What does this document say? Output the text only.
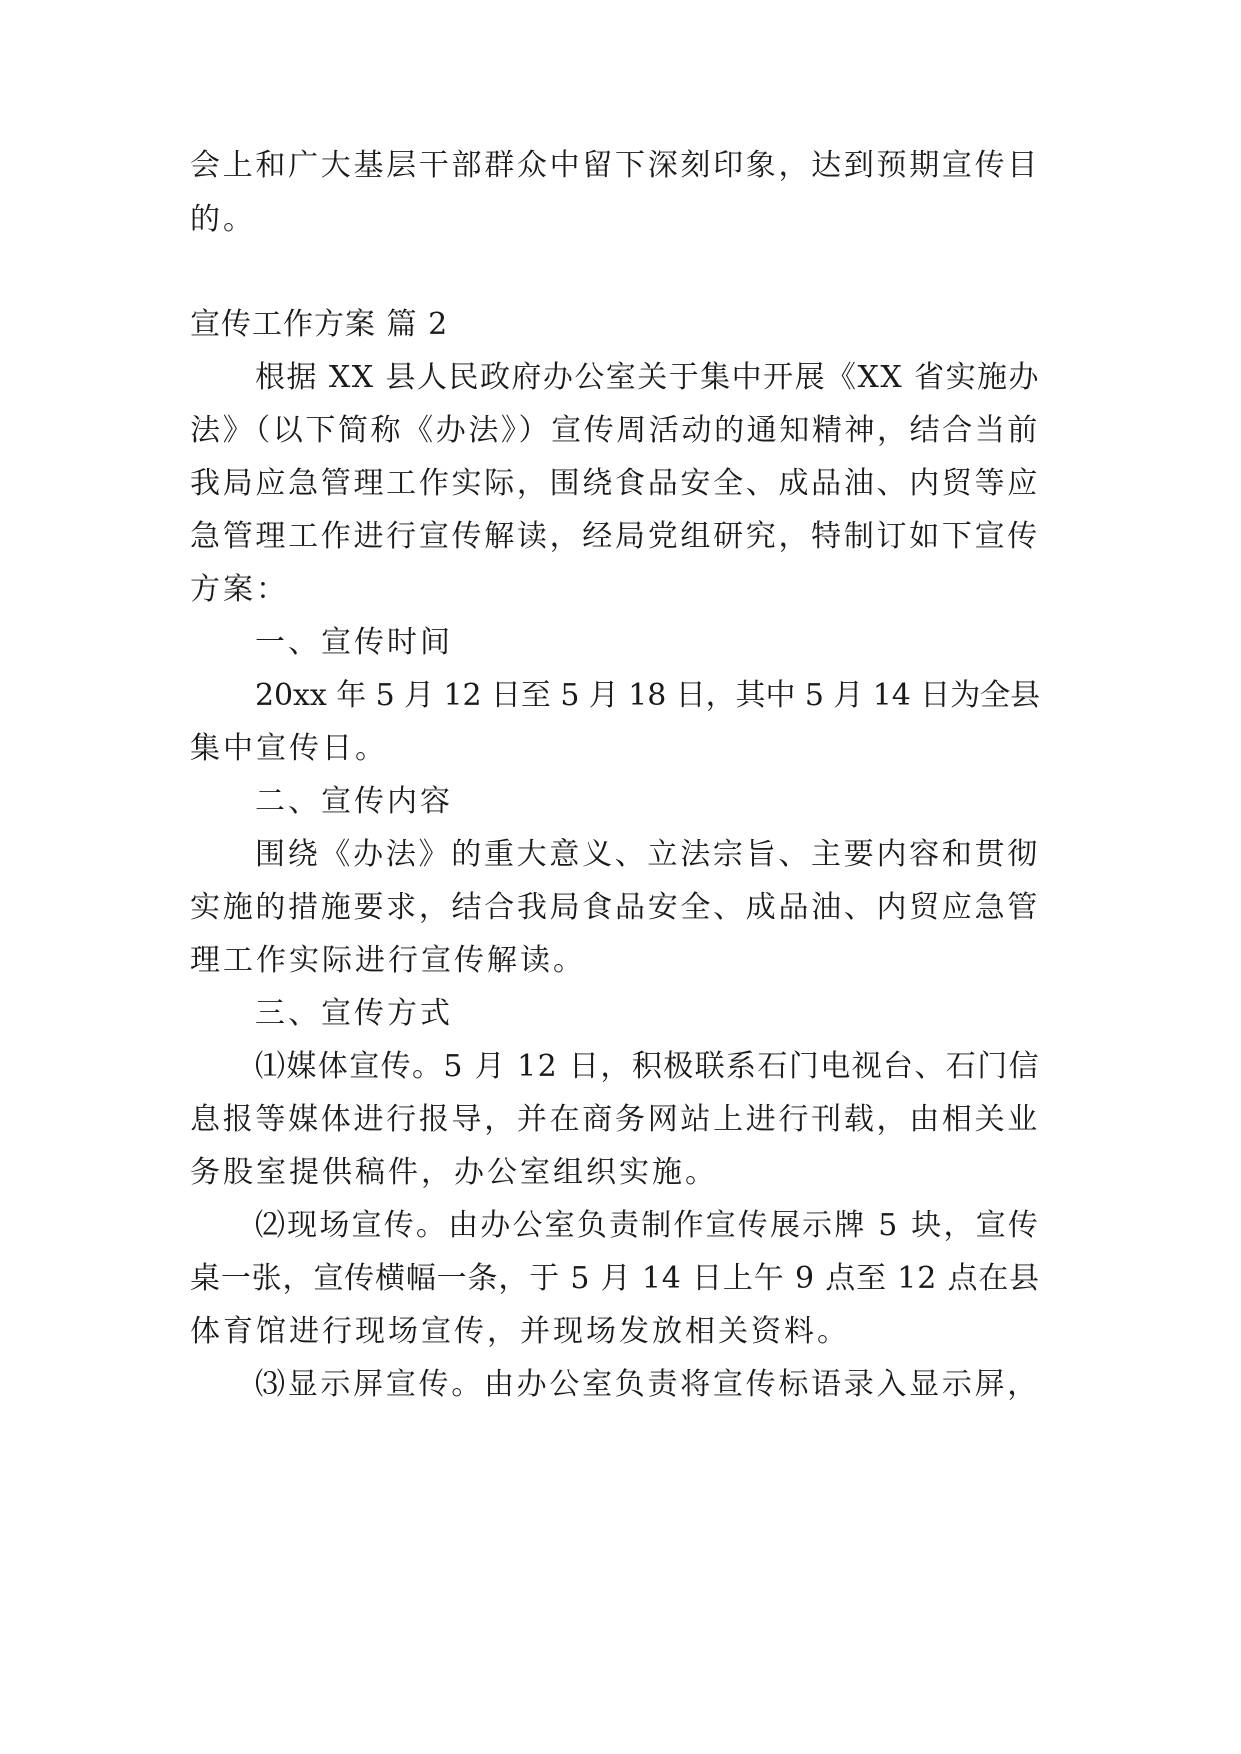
会上和广大基层干部群众中留下深刻印象，达到预期宣传目
的。
宣传工作方案 篇 2
根据 XX 县人民政府办公室关于集中开展《XX 省实施办
法》（以下简称《办法》）宣传周活动的通知精神，结合当前
我局应急管理工作实际，围绕食品安全、成品油、内贸等应
急管理工作进行宣传解读，经局党组研究，特制订如下宣传
方案：
一、宣传时间
20xx 年 5 月 12 日至 5 月 18 日，其中 5 月 14 日为全县
集中宣传日。
二、宣传内容
围绕《办法》的重大意义、立法宗旨、主要内容和贯彻
实施的措施要求，结合我局食品安全、成品油、内贸应急管
理工作实际进行宣传解读。
三、宣传方式
⑴媒体宣传。5 月 12 日，积极联系石门电视台、石门信
息报等媒体进行报导，并在商务网站上进行刊载，由相关业
务股室提供稿件，办公室组织实施。
⑵现场宣传。由办公室负责制作宣传展示牌 5 块，宣传
桌一张，宣传横幅一条，于 5 月 14 日上午 9 点至 12 点在县
体育馆进行现场宣传，并现场发放相关资料。
⑶显示屏宣传。由办公室负责将宣传标语录入显示屏，
